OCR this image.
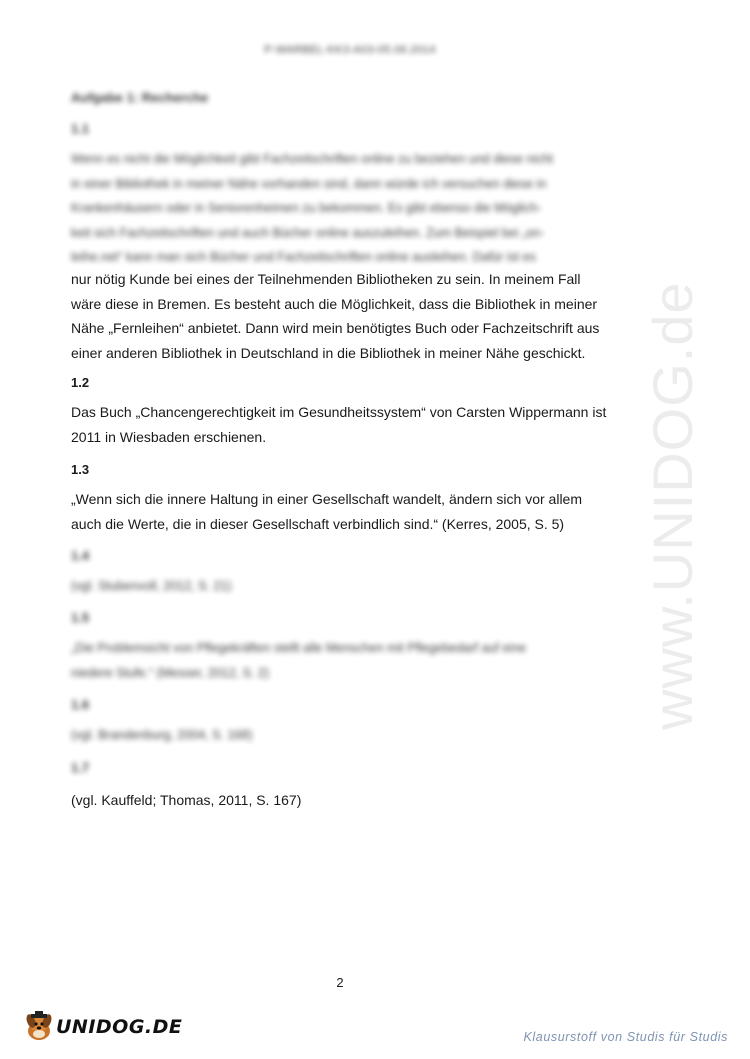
www.UNIDOG.de
P-WARBEL-KK3-A03-05.06.2014
Aufgabe 1: Recherche
1.1
Wenn es nicht die Möglichkeit gibt Fachzeitschriften online zu beziehen und diese nicht
in einer Bibliothek in meiner Nähe vorhanden sind, dann würde ich versuchen diese in
Krankenhäusern oder in Seniorenheimen zu bekommen. Es gibt ebenso die Möglich-
keit sich Fachzeitschriften und auch Bücher online auszuleihen. Zum Beispiel bei „on-
leihe.net“ kann man sich Bücher und Fachzeitschriften online ausleihen. Dafür ist es
nur nötig Kunde bei eines der Teilnehmenden Bibliotheken zu sein. In meinem Fall
wäre diese in Bremen. Es besteht auch die Möglichkeit, dass die Bibliothek in meiner
Nähe „Fernleihen“ anbietet. Dann wird mein benötigtes Buch oder Fachzeitschrift aus
einer anderen Bibliothek in Deutschland in die Bibliothek in meiner Nähe geschickt.
1.2
Das Buch „Chancengerechtigkeit im Gesundheitssystem“ von Carsten Wippermann ist
2011 in Wiesbaden erschienen.
1.3
„Wenn sich die innere Haltung in einer Gesellschaft wandelt, ändern sich vor allem
auch die Werte, die in dieser Gesellschaft verbindlich sind.“ (Kerres, 2005, S. 5)
1.4
(vgl. Stubenvoll, 2012, S. 21)
1.5
„Die Problemsicht von Pflegekräften stellt alle Menschen mit Pflegebedarf auf eine
niedere Stufe.“ (Messer, 2012, S. 2)
1.6
(vgl. Brandenburg, 2004, S. 168)
1.7
(vgl. Kauffeld; Thomas, 2011, S. 167)
2
UNIDOG.DE	Klausurstoff von Studis für Studis
